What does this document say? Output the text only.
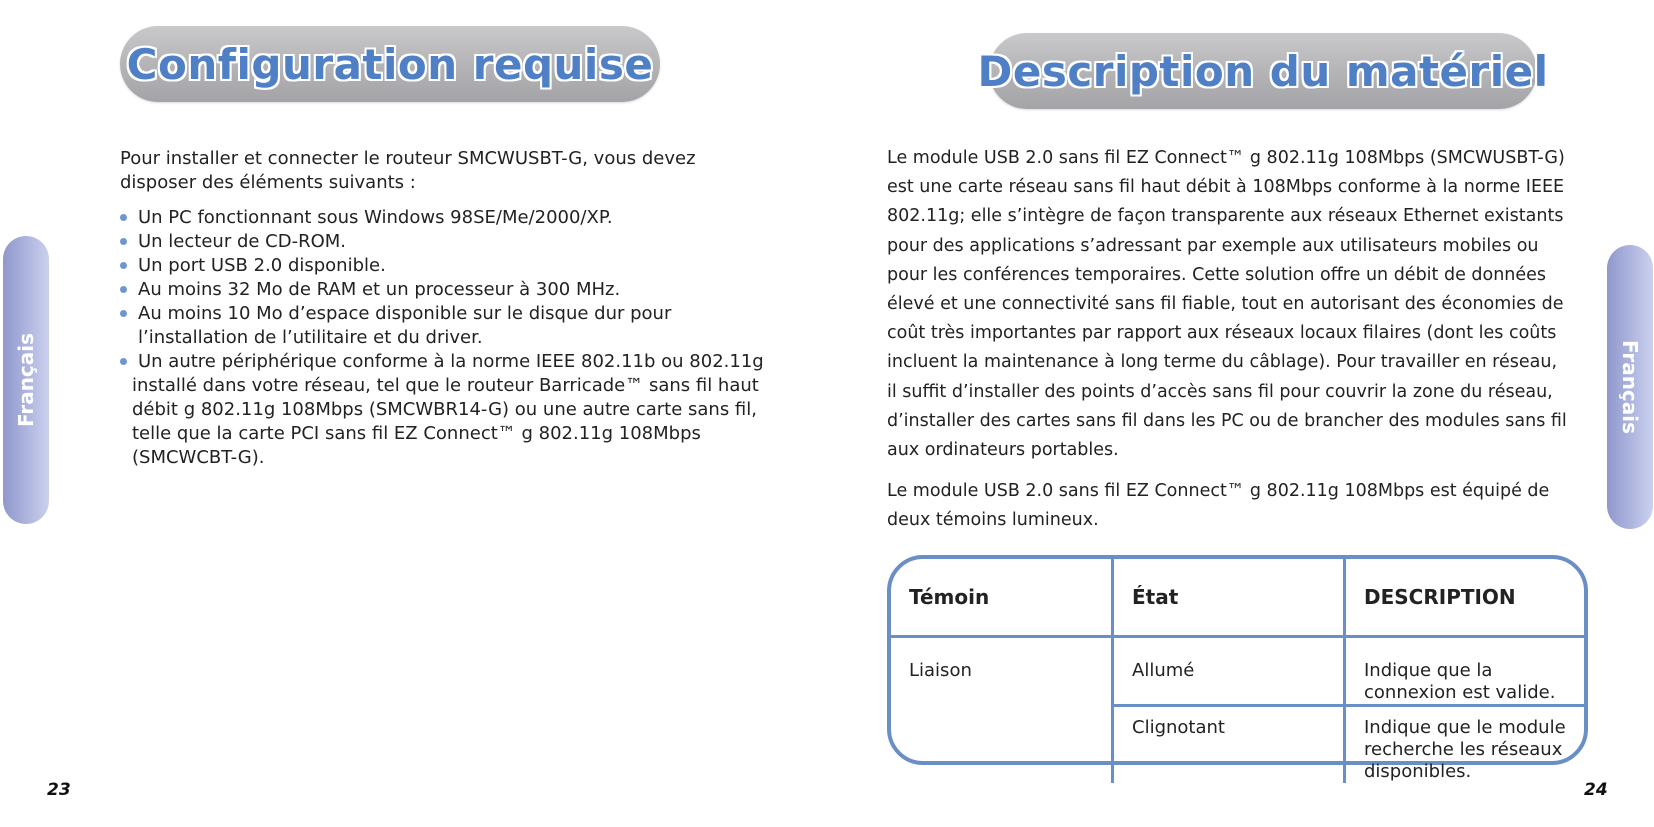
Configuration requise
Français
Pour installer et connecter le routeur SMCWUSBT-G, vous devez disposer des éléments suivants :
Un PC fonctionnant sous Windows 98SE/Me/2000/XP.
Un lecteur de CD-ROM.
Un port USB 2.0 disponible.
Au moins 32 Mo de RAM et un processeur à 300 MHz.
Au moins 10 Mo d’espace disponible sur le disque dur pour l’installation de l’utilitaire et du driver.
Un autre périphérique conforme à la norme IEEE 802.11b ou 802.11g installé dans votre réseau, tel que le routeur Barricade™ sans fil haut débit g 802.11g 108Mbps (SMCWBR14-G) ou une autre carte sans fil, telle que la carte PCI sans fil EZ Connect™ g 802.11g 108Mbps (SMCWCBT-G).
23
Description du matériel
Français
Le module USB 2.0 sans fil EZ Connect™ g 802.11g 108Mbps (SMCWUSBT-G) est une carte réseau sans fil haut débit à 108Mbps conforme à la norme IEEE 802.11g; elle s’intègre de façon transparente aux réseaux Ethernet existants pour des applications s’adressant par exemple aux utilisateurs mobiles ou pour les conférences temporaires. Cette solution offre un débit de données élevé et une connectivité sans fil fiable, tout en autorisant des économies de coût très importantes par rapport aux réseaux locaux filaires (dont les coûts incluent la maintenance à long terme du câblage). Pour travailler en réseau, il suffit d’installer des points d’accès sans fil pour couvrir la zone du réseau, d’installer des cartes sans fil dans les PC ou de brancher des modules sans fil aux ordinateurs portables.
Le module USB 2.0 sans fil EZ Connect™ g 802.11g 108Mbps est équipé de deux témoins lumineux.
Témoin	État	DESCRIPTION
Liaison	Allumé	Indique que la connexion est valide.
	Clignotant	Indique que le module recherche les réseaux disponibles.
24
